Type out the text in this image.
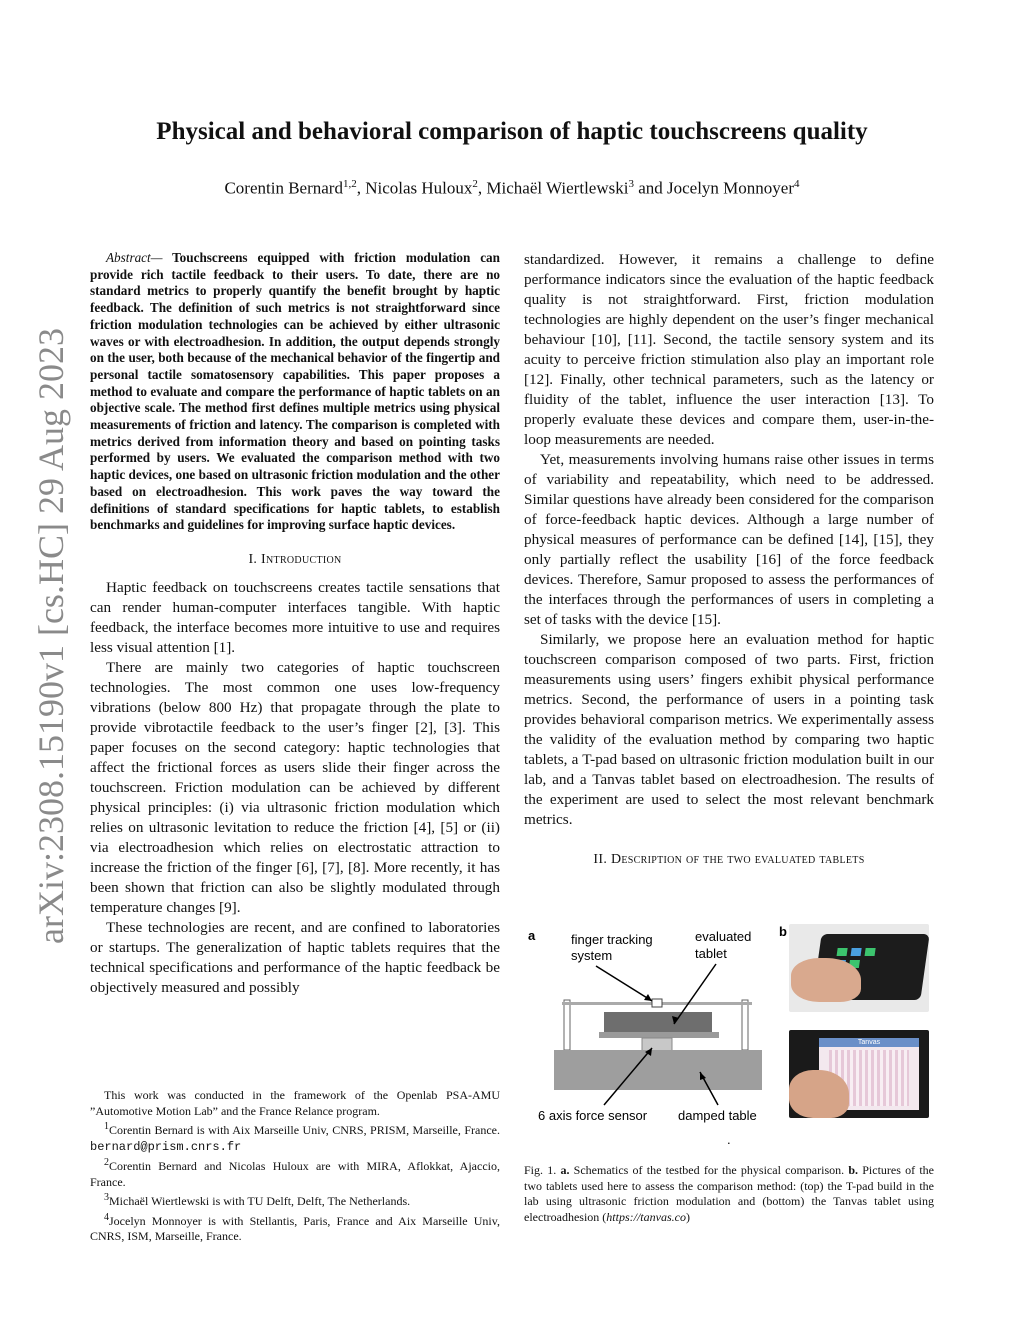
Physical and behavioral comparison of haptic touchscreens quality
Corentin Bernard$^{1,2}$, Nicolas Huloux$^2$, Michaël Wiertlewski$^3$ and Jocelyn Monnoyer$^4$
arXiv:2308.15190v1 [cs.HC] 29 Aug 2023

Abstract— Touchscreens equipped with friction modulation can provide rich tactile feedback to their users. To date, there are no standard metrics to properly quantify the benefit brought by haptic feedback. The definition of such metrics is not straightforward since friction modulation technologies can be achieved by either ultrasonic waves or with electroadhesion. In addition, the output depends strongly on the user, both because of the mechanical behavior of the fingertip and personal tactile somatosensory capabilities. This paper proposes a method to evaluate and compare the performance of haptic tablets on an objective scale. The method first defines multiple metrics using physical measurements of friction and latency. The comparison is completed with metrics derived from information theory and based on pointing tasks performed by users. We evaluated the comparison method with two haptic devices, one based on ultrasonic friction modulation and the other based on electroadhesion. This work paves the way toward the definitions of standard specifications for haptic tablets, to establish benchmarks and guidelines for improving surface haptic devices.

I. Introduction

Haptic feedback on touchscreens creates tactile sensations that can render human-computer interfaces tangible. With haptic feedback, the interface becomes more intuitive to use and requires less visual attention [1].

There are mainly two categories of haptic touchscreen technologies. The most common one uses low-frequency vibrations (below 800 Hz) that propagate through the plate to provide vibrotactile feedback to the user’s finger [2], [3]. This paper focuses on the second category: haptic technologies that affect the frictional forces as users slide their finger across the touchscreen. Friction modulation can be achieved by different physical principles: (i) via ultrasonic friction modulation which relies on ultrasonic levitation to reduce the friction [4], [5] or (ii) via electroadhesion which relies on electrostatic attraction to increase the friction of the finger [6], [7], [8]. More recently, it has been shown that friction can also be slightly modulated through temperature changes [9].

These technologies are recent, and are confined to laboratories or startups. The generalization of haptic tablets requires that the technical specifications and performance of the haptic feedback be objectively measured and possibly

This work was conducted in the framework of the Openlab PSA-AMU ”Automotive Motion Lab” and the France Relance program.

$^1$Corentin Bernard is with Aix Marseille Univ, CNRS, PRISM, Marseille, France. bernard@prism.cnrs.fr

$^2$Corentin Bernard and Nicolas Huloux are with MIRA, Aflokkat, Ajaccio, France.

$^3$Michaël Wiertlewski is with TU Delft, Delft, The Netherlands.

$^4$Jocelyn Monnoyer is with Stellantis, Paris, France and Aix Marseille Univ, CNRS, ISM, Marseille, France.

standardized. However, it remains a challenge to define performance indicators since the evaluation of the haptic feedback quality is not straightforward. First, friction modulation technologies are highly dependent on the user’s finger mechanical behaviour [10], [11]. Second, the tactile sensory system and its acuity to perceive friction stimulation also play an important role [12]. Finally, other technical parameters, such as the latency or fluidity of the tablet, influence the user interaction [13]. To properly evaluate these devices and compare them, user-in-the-loop measurements are needed.

Yet, measurements involving humans raise other issues in terms of variability and repeatability, which need to be addressed. Similar questions have already been considered for the comparison of force-feedback haptic devices. Although a large number of physical measures of performance can be defined [14], [15], they only partially reflect the usability [16] of the force feedback devices. Therefore, Samur proposed to assess the performances of the interfaces through the performances of users in completing a set of tasks with the device [15].

Similarly, we propose here an evaluation method for haptic touchscreen comparison composed of two parts. First, friction measurements using users’ fingers exhibit physical performance metrics. Second, the performance of users in a pointing task provides behavioral comparison metrics. We experimentally assess the validity of the evaluation method by comparing two haptic tablets, a T-pad based on ultrasonic friction modulation built in our lab, and a Tanvas tablet based on electroadhesion. The results of the experiment are used to select the most relevant benchmark metrics.

II. Description of the two evaluated tablets
a	finger tracking
system
evaluated
tablet
6 axis force sensor damped table
.
b
Tanvas
Fig. 1. a. Schematics of the testbed for the physical comparison. b. Pictures of the two tablets used here to assess the comparison method: (top) the T-pad build in the lab using ultrasonic friction modulation and (bottom) the Tanvas tablet using electroadhesion (https://tanvas.co)
